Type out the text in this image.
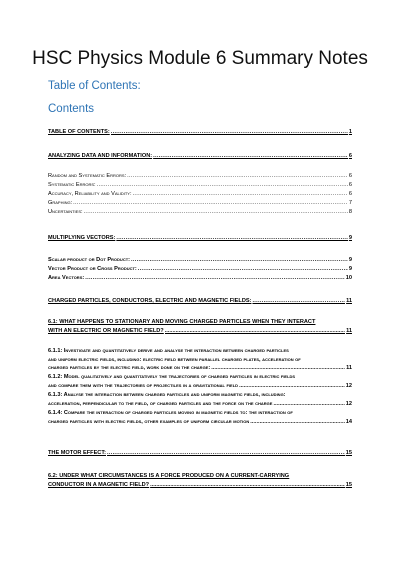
HSC Physics Module 6 Summary Notes
Table of Contents:
Contents
TABLE OF CONTENTS: .....	1
ANALYZING DATA AND INFORMATION: .....	6
Random and Systematic Errors: .....	6
Systematic Errors: .....	6
Accuracy, Reliability and Validity: .....	6
Graphing: .....	7
Uncertainties: .....	8
MULTIPLYING VECTORS: .....	9
Scalar product or Dot Product: .....	9
Vector Product or Cross Product: .....	9
Area Vectors: .....	10
CHARGED PARTICLES, CONDUCTORS, ELECTRIC AND MAGNETIC FIELDS: .....	11
6.1: WHAT HAPPENS TO STATIONARY AND MOVING CHARGED PARTICLES WHEN THEY INTERACT
WITH AN ELECTRIC OR MAGNETIC FIELD? .....	11
6.1.1: Investigate and quantitatively derive and analyse the interaction between charged particles
and uniform electric fields, including: electric field between parallel charged plates, acceleration of
charged particles by the electric field, work done on the charge: .....	11
6.1.2: Model qualitatively and quantitatively the trajectories of charged particles in electric fields
and compare them with the trajectories of projectiles in a gravitational field .....	12
6.1.3: Analyse the interaction between charged particles and uniform magnetic fields, including:
acceleration, perpendicular to the field, of charged particles and the force on the charge .....	12
6.1.4: Compare the interaction of charged particles moving in magnetic fields to: the interaction of
charged particles with electric fields, other examples of uniform circular motion .....	14
THE MOTOR EFFECT: .....	15
6.2: UNDER WHAT CIRCUMSTANCES IS A FORCE PRODUCED ON A CURRENT-CARRYING
CONDUCTOR IN A MAGNETIC FIELD? .....	15
